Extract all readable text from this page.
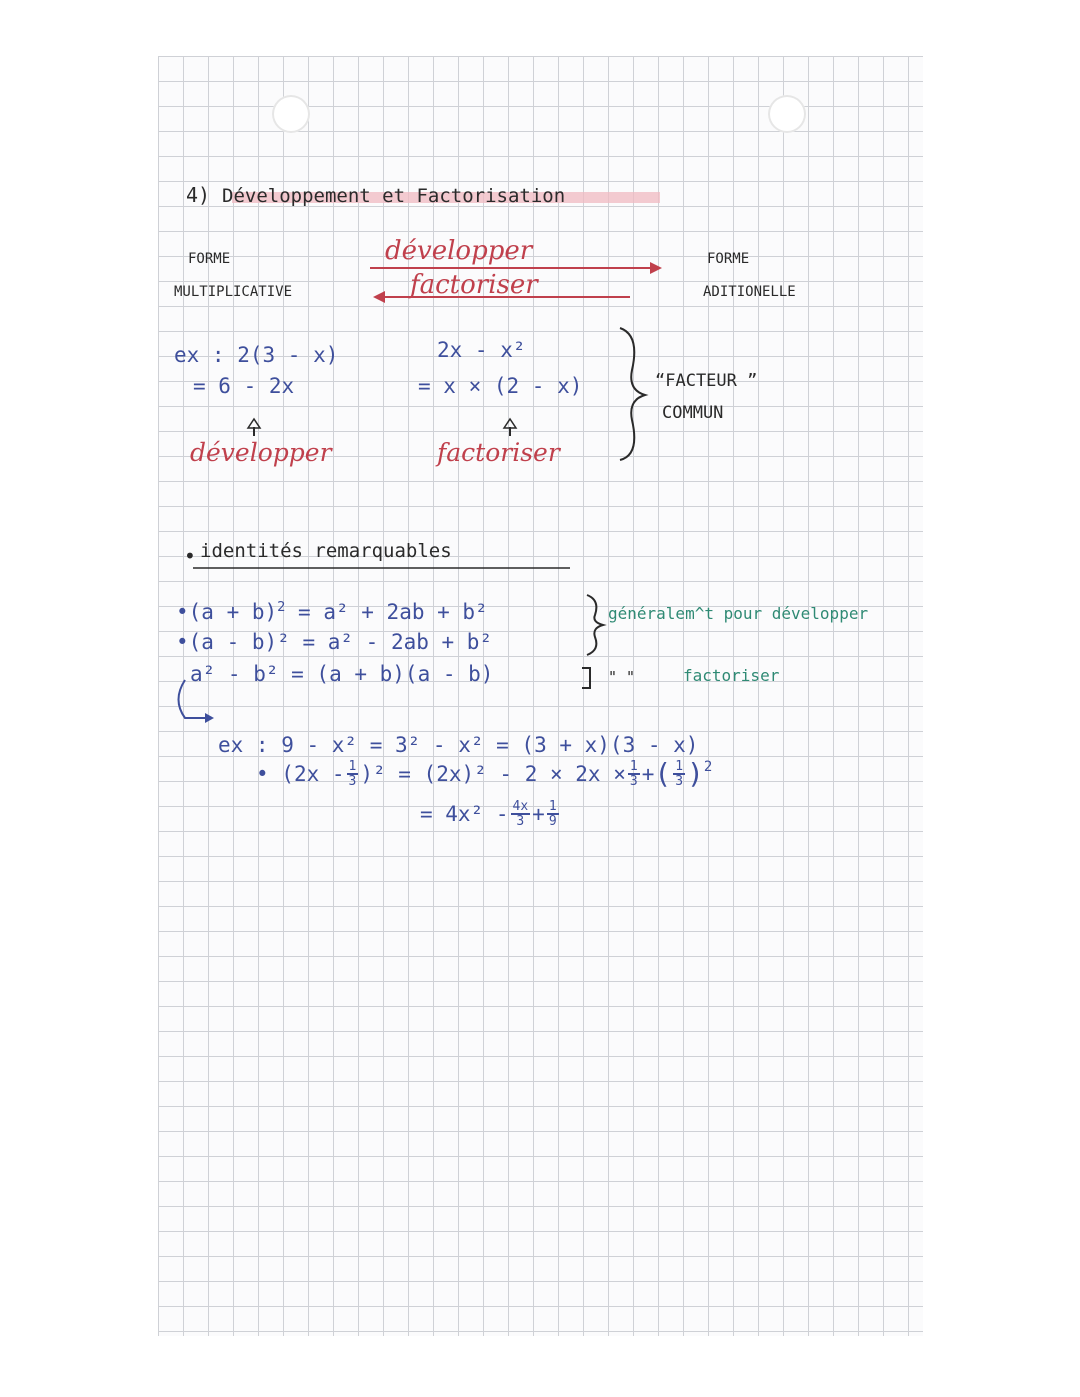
4) Développement et Factorisation
FORME
MULTIPLICATIVE
développer
factoriser
FORME
ADITIONELLE
ex : 2(3 - x)
= 6 - 2x
développer
2x - x²
= x × (2 - x)
factoriser
“FACTEUR ”
COMMUN
• identités remarquables
•(a + b)$^2$ = a² + 2ab + b²
•(a - b)² = a² - 2ab + b²
a² - b² = (a + b)(a - b)
généralem^t pour développer
" "	factoriser
ex : 9 - x² = 3² - x² = (3 + x)(3 - x)
• $(2x - \frac{1}{3} )^2 = (2x)^2 - 2 \times 2x \times \frac{1}{3}$ + ( $\frac{1}{3} )^2$
= $4x^2 - \frac{4x}{3} + \frac{1}{9}$
